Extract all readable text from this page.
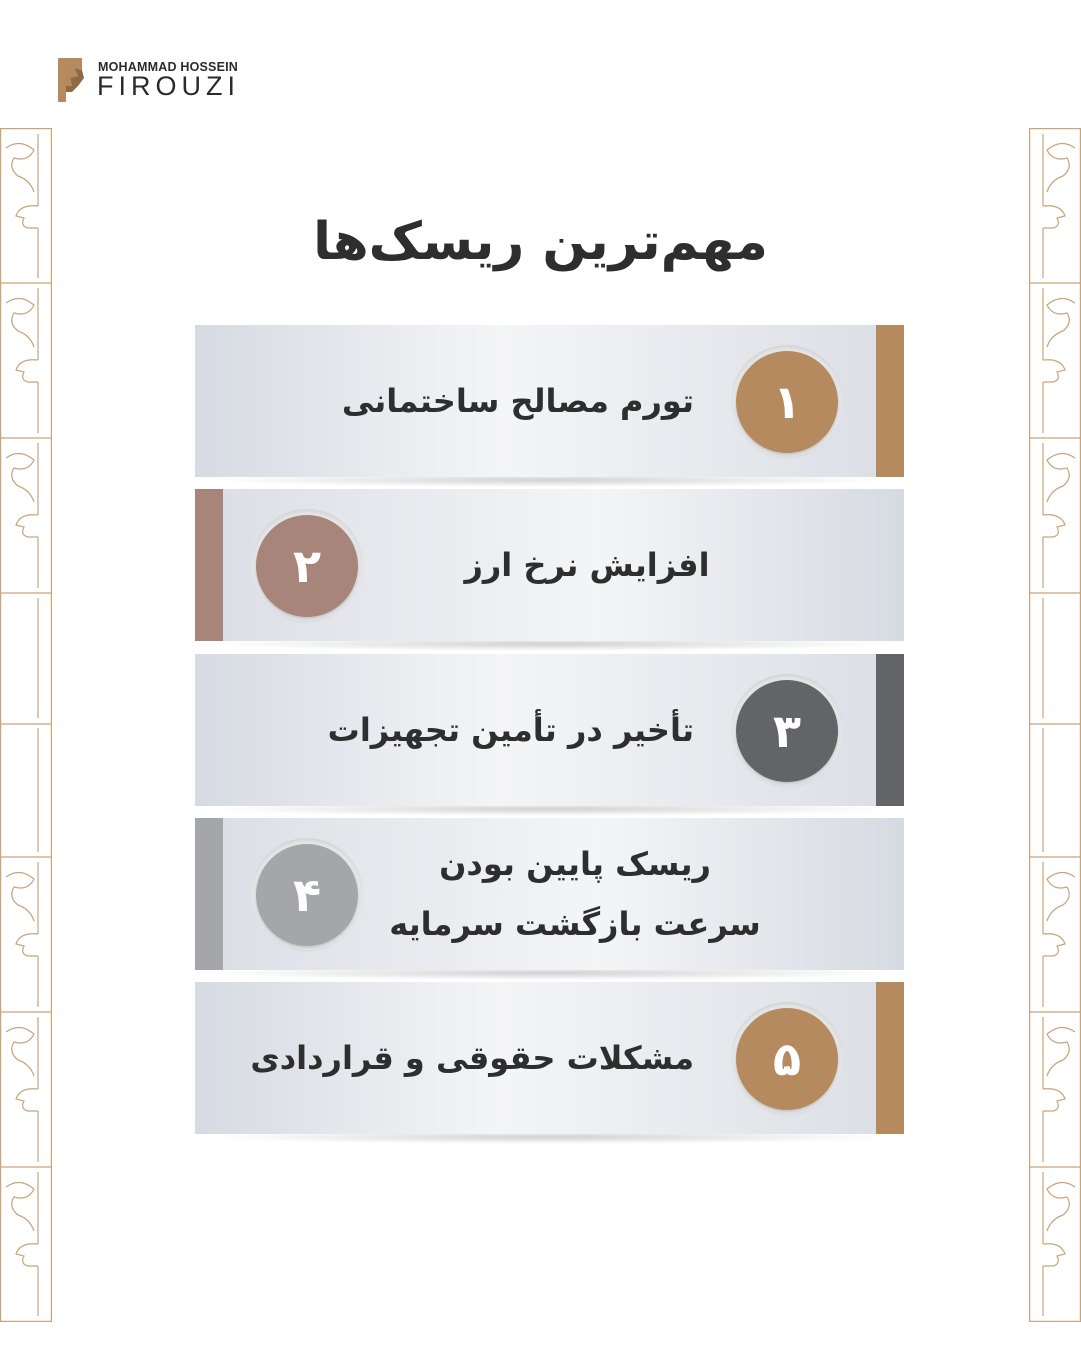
MOHAMMAD HOSSEIN
FIROUZI
مهم‌ترین ریسک‌ها
۱
تورم مصالح ساختمانی
۲	افزایش نرخ ارز
۳
تأخیر در تأمین تجهیزات
۴
ریسک پایین بودن
سرعت بازگشت سرمایه
۵
مشکلات حقوقی و قراردادی
